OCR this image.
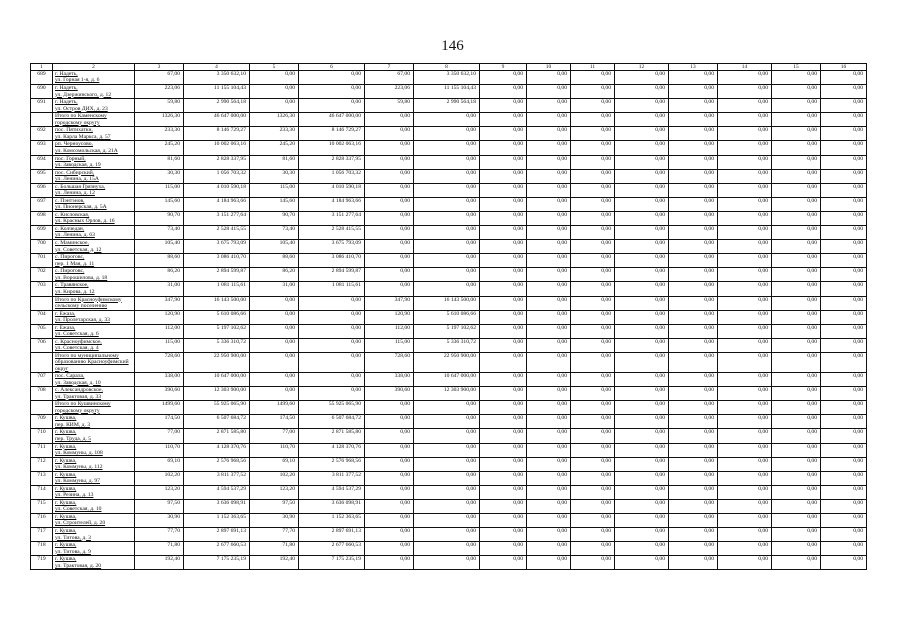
146
1	2	3	4	5	6	7	8	9	10	11	12	13	14	15	16
689	г. Надеть,
ул. Горная 1-я, д. 6	67,00	3 350 632,10	0,00	0,00	67,00	3 350 632,10	0,00	0,00	0,00	0,00	0,00	0,00	0,00	0,00
690	г. Надеть,
ул. Дзержинского, д. 12	223,06	11 155 104,43	0,00	0,00	223,06	11 155 104,43	0,00	0,00	0,00	0,00	0,00	0,00	0,00	0,00
691	г. Надеть,
ул. Остров ДИХ, д. 23	59,80	2 990 564,18	0,00	0,00	59,80	2 990 564,18	0,00	0,00	0,00	0,00	0,00	0,00	0,00	0,00

	Итого по Каменскому
городскому округу	1326,30	46 647 000,00	1326,30	46 647 000,00	0,00	0,00	0,00	0,00	0,00	0,00	0,00	0,00	0,00	0,00
692	пос. Пятихатки,
ул. Карла Маркса, д. 57	233,30	8 146 729,27	233,30	8 146 729,27	0,00	0,00	0,00	0,00	0,00	0,00	0,00	0,00	0,00	0,00
693	рп. Черноусово,
ул. Комсомольская, д. 21А	245,20	10 002 063,16	245,20	10 002 063,16	0,00	0,00	0,00	0,00	0,00	0,00	0,00	0,00	0,00	0,00
694	пос. Горный,
ул. Заводская, д. 19	81,60	2 828 337,95	81,60	2 828 337,95	0,00	0,00	0,00	0,00	0,00	0,00	0,00	0,00	0,00	0,00
695	пос. Сибирский,
ул. Ленина, д. 15А	30,30	1 056 703,32	30,30	1 056 703,32	0,00	0,00	0,00	0,00	0,00	0,00	0,00	0,00	0,00	0,00
696	с. Большая Грязнуха,
ул. Ленина, д. 12	115,00	4 010 590,18	115,00	4 010 590,18	0,00	0,00	0,00	0,00	0,00	0,00	0,00	0,00	0,00	0,00
697	с. Пэнтэнов,
ул. Пионерская, д. 5А	145,60	4 184 963,66	145,60	4 184 963,66	0,00	0,00	0,00	0,00	0,00	0,00	0,00	0,00	0,00	0,00
698	с. Кисловская,
ул. Красных Орлов, д. 16	90,70	3 151 277,64	90,70	3 151 277,64	0,00	0,00	0,00	0,00	0,00	0,00	0,00	0,00	0,00	0,00
699	с. Колчедан,
ул. Ленина, д. 63	73,40	2 528 415,55	73,40	2 528 415,55	0,00	0,00	0,00	0,00	0,00	0,00	0,00	0,00	0,00	0,00
700	с. Маминское,
ул. Советская, д. 12	105,40	3 675 793,09	105,40	3 675 793,09	0,00	0,00	0,00	0,00	0,00	0,00	0,00	0,00	0,00	0,00
701	с. Пироговс,
пер. 1 Мая, д. 11	88,60	3 086 410,70	88,60	3 086 410,70	0,00	0,00	0,00	0,00	0,00	0,00	0,00	0,00	0,00	0,00
702	с. Пироговс,
ул. Ворошилова, д. 18	86,20	2 894 599,87	86,20	2 894 599,87	0,00	0,00	0,00	0,00	0,00	0,00	0,00	0,00	0,00	0,00
703	с. Травянское,
ул. Кирова, д. 12	31,00	1 081 115,61	31,00	1 081 115,61	0,00	0,00	0,00	0,00	0,00	0,00	0,00	0,00	0,00	0,00

	Итого по Красноуфимскому
сельскому поселению	347,90	16 143 500,00	0,00	0,00	347,90	16 143 500,00	0,00	0,00	0,00	0,00	0,00	0,00	0,00	0,00
704	г. Ежаза,
ул. Пролетарская, д. 33	120,90	5 610 086,66	0,00	0,00	120,90	5 610 086,66	0,00	0,00	0,00	0,00	0,00	0,00	0,00	0,00
705	г. Ежаза,
ул. Советская, д. 6	112,00	5 197 102,62	0,00	0,00	112,00	5 197 102,62	0,00	0,00	0,00	0,00	0,00	0,00	0,00	0,00
706	с. Красноуфимское,
ул. Советская, д. 4	115,00	5 336 310,72	0,00	0,00	115,00	5 336 310,72	0,00	0,00	0,00	0,00	0,00	0,00	0,00	0,00

	Итого по муниципальному
образованию Красноуфимский округ	728,60	22 950 900,00	0,00	0,00	728,60	22 950 900,00	0,00	0,00	0,00	0,00	0,00	0,00	0,00	0,00
707	пос. Сарала,
ул. Заводская, д. 10	338,00	10 647 000,00	0,00	0,00	338,00	10 647 000,00	0,00	0,00	0,00	0,00	0,00	0,00	0,00	0,00
708	с. Александровское,
ул. Трактовая, д. 33	390,60	12 303 900,00	0,00	0,00	390,60	12 303 900,00	0,00	0,00	0,00	0,00	0,00	0,00	0,00	0,00

	Итого по Кушвинскому
городскому округу	1499,60	55 925 065,90	1499,60	55 925 065,90	0,00	0,00	0,00	0,00	0,00	0,00	0,00	0,00	0,00	0,00
709	г. Кушва,
пер. КИМ, д. 3	174,50	6 507 684,72	174,50	6 507 684,72	0,00	0,00	0,00	0,00	0,00	0,00	0,00	0,00	0,00	0,00
710	г. Кушва,
пер. Труда, д. 5	77,00	2 871 585,80	77,00	2 871 585,80	0,00	0,00	0,00	0,00	0,00	0,00	0,00	0,00	0,00	0,00
711	г. Кушва,
ул. Коммуны, д. 108	110,70	4 128 370,76	110,70	4 128 370,76	0,00	0,00	0,00	0,00	0,00	0,00	0,00	0,00	0,00	0,00
712	г. Кушва,
ул. Коммуны, д. 112	69,10	2 576 968,56	69,10	2 576 968,56	0,00	0,00	0,00	0,00	0,00	0,00	0,00	0,00	0,00	0,00
713	г. Кушва,
ул. Коммуны, д. 97	102,20	3 811 377,52	102,20	3 811 377,52	0,00	0,00	0,00	0,00	0,00	0,00	0,00	0,00	0,00	0,00
714	г. Кушва,
ул. Резина, д. 13	123,20	4 594 537,29	123,20	4 594 537,29	0,00	0,00	0,00	0,00	0,00	0,00	0,00	0,00	0,00	0,00
715	г. Кушва,
ул. Советская, д. 10	97,50	3 636 098,91	97,50	3 636 098,91	0,00	0,00	0,00	0,00	0,00	0,00	0,00	0,00	0,00	0,00
716	г. Кушва,
ул. Строителей, д. 20	30,90	1 152 363,65	30,90	1 152 363,65	0,00	0,00	0,00	0,00	0,00	0,00	0,00	0,00	0,00	0,00
717	г. Кушва,
ул. Титова, д. 3	77,70	2 897 691,13	77,70	2 897 691,13	0,00	0,00	0,00	0,00	0,00	0,00	0,00	0,00	0,00	0,00
718	г. Кушва,
ул. Титова, д. 9	71,80	2 677 660,53	71,80	2 677 660,53	0,00	0,00	0,00	0,00	0,00	0,00	0,00	0,00	0,00	0,00
719	г. Кушва,
ул. Трактовая, д. 20	192,40	7 175 235,19	192,40	7 175 235,19	0,00	0,00	0,00	0,00	0,00	0,00	0,00	0,00	0,00	0,00
